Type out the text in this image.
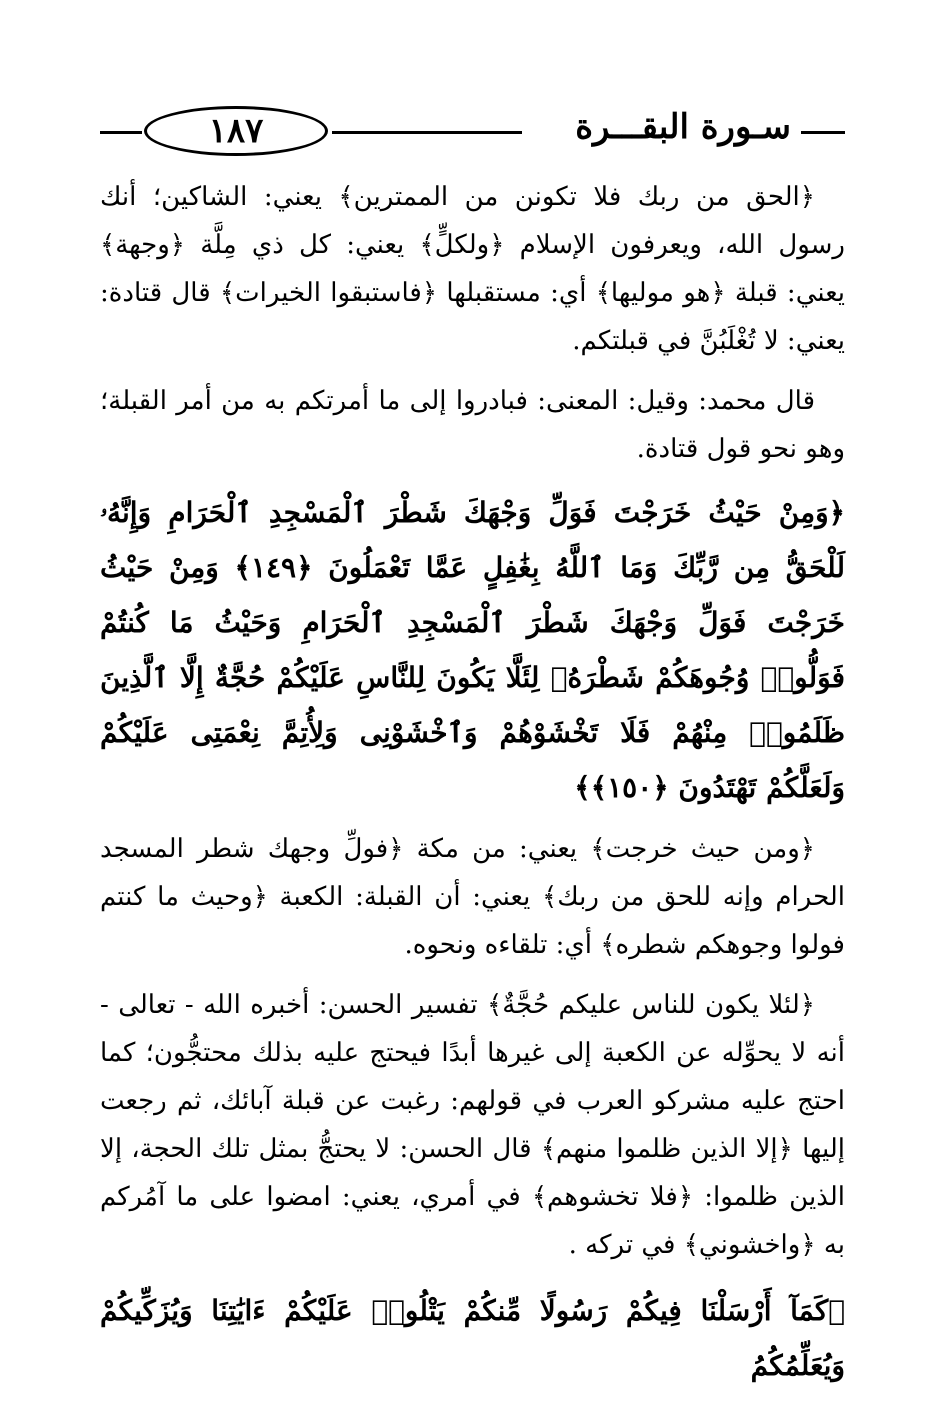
سـورة البقـــرة
١٨٧

﴿الحق من ربك فلا تكونن من الممترين﴾ يعني: الشاكين؛ أنك رسول الله، ويعرفون الإسلام ﴿ولكلٍّ﴾ يعني: كل ذي مِلَّة ﴿وجهة﴾ يعني: قبلة ﴿هو موليها﴾ أي: مستقبلها ﴿فاستبقوا الخيرات﴾ قال قتادة: يعني: لا تُغْلَبُنَّ في قبلتكم.

قال محمد: وقيل: المعنى: فبادروا إلى ما أمرتكم به من أمر القبلة؛ وهو نحو قول قتادة.

﴿وَمِنْ حَيْثُ خَرَجْتَ فَوَلِّ وَجْهَكَ شَطْرَ ٱلْمَسْجِدِ ٱلْحَرَامِ وَإِنَّهُۥ لَلْحَقُّ مِن رَّبِّكَ وَمَا ٱللَّهُ بِغَٰفِلٍ عَمَّا تَعْمَلُونَ ﴿١٤٩﴾ وَمِنْ حَيْثُ خَرَجْتَ فَوَلِّ وَجْهَكَ شَطْرَ ٱلْمَسْجِدِ ٱلْحَرَامِ وَحَيْثُ مَا كُنتُمْ فَوَلُّوا۟ وُجُوهَكُمْ شَطْرَهُۥ لِئَلَّا يَكُونَ لِلنَّاسِ عَلَيْكُمْ حُجَّةٌ إِلَّا ٱلَّذِينَ ظَلَمُوا۟ مِنْهُمْ فَلَا تَخْشَوْهُمْ وَٱخْشَوْنِى وَلِأُتِمَّ نِعْمَتِى عَلَيْكُمْ وَلَعَلَّكُمْ تَهْتَدُونَ ﴿١٥٠﴾﴾

﴿ومن حيث خرجت﴾ يعني: من مكة ﴿فولِّ وجهك شطر المسجد الحرام وإنه للحق من ربك﴾ يعني: أن القبلة: الكعبة ﴿وحيث ما كنتم فولوا وجوهكم شطره﴾ أي: تلقاءه ونحوه.

﴿لئلا يكون للناس عليكم حُجَّةٌ﴾ تفسير الحسن: أخبره الله - تعالى - أنه لا يحوِّله عن الكعبة إلى غيرها أبدًا فيحتج عليه بذلك محتجُّون؛ كما احتج عليه مشركو العرب في قولهم: رغبت عن قبلة آبائك، ثم رجعت إليها ﴿إلا الذين ظلموا منهم﴾ قال الحسن: لا يحتجُّ بمثل تلك الحجة، إلا الذين ظلموا: ﴿فلا تخشوهم﴾ في أمري، يعني: امضوا على ما آمُركم به ﴿واخشوني﴾ في تركه .

﴿كَمَآ أَرْسَلْنَا فِيكُمْ رَسُولًا مِّنكُمْ يَتْلُوا۟ عَلَيْكُمْ ءَايَٰتِنَا وَيُزَكِّيكُمْ وَيُعَلِّمُكُمُ
